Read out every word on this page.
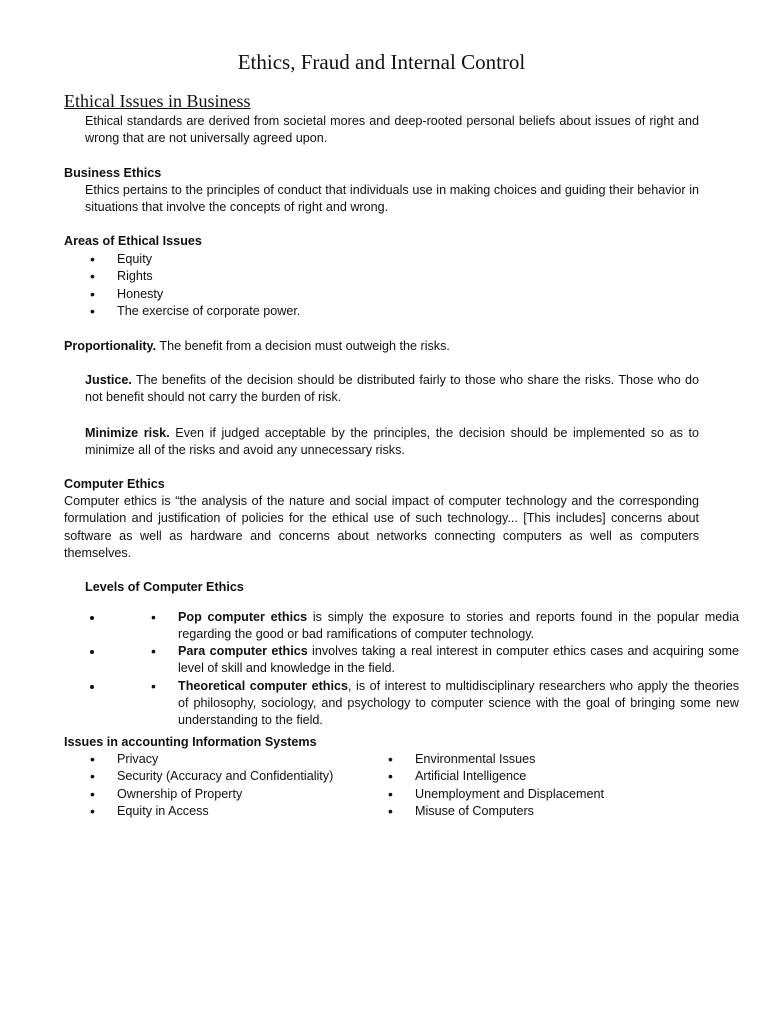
Ethics, Fraud and Internal Control
Ethical Issues in Business

Ethical standards are derived from societal mores and deep-rooted personal beliefs about issues of right and wrong that are not universally agreed upon.

Business Ethics

Ethics pertains to the principles of conduct that individuals use in making choices and guiding their behavior in situations that involve the concepts of right and wrong.

Areas of Ethical Issues

• Equity
• Rights
• Honesty
• The exercise of corporate power.

Proportionality. The benefit from a decision must outweigh the risks.

Justice. The benefits of the decision should be distributed fairly to those who share the risks. Those who do not benefit should not carry the burden of risk.

Minimize risk. Even if judged acceptable by the principles, the decision should be implemented so as to minimize all of the risks and avoid any unnecessary risks.

Computer Ethics

Computer ethics is “the analysis of the nature and social impact of computer technology and the corresponding formulation and justification of policies for the ethical use of such technology... [This includes] concerns about software as well as hardware and concerns about networks connecting computers as well as computers themselves.

Levels of Computer Ethics

• • Pop computer ethics is simply the exposure to stories and reports found in the popular media regarding the good or bad ramifications of computer technology.
• • Para computer ethics involves taking a real interest in computer ethics cases and acquiring some level of skill and knowledge in the field.
• • Theoretical computer ethics, is of interest to multidisciplinary researchers who apply the theories of philosophy, sociology, and psychology to computer science with the goal of bringing some new understanding to the field.

Issues in accounting Information Systems

• Privacy
• Security (Accuracy and Confidentiality)
• Ownership of Property
• Equity in Access
• Environmental Issues
• Artificial Intelligence
• Unemployment and Displacement
• Misuse of Computers
